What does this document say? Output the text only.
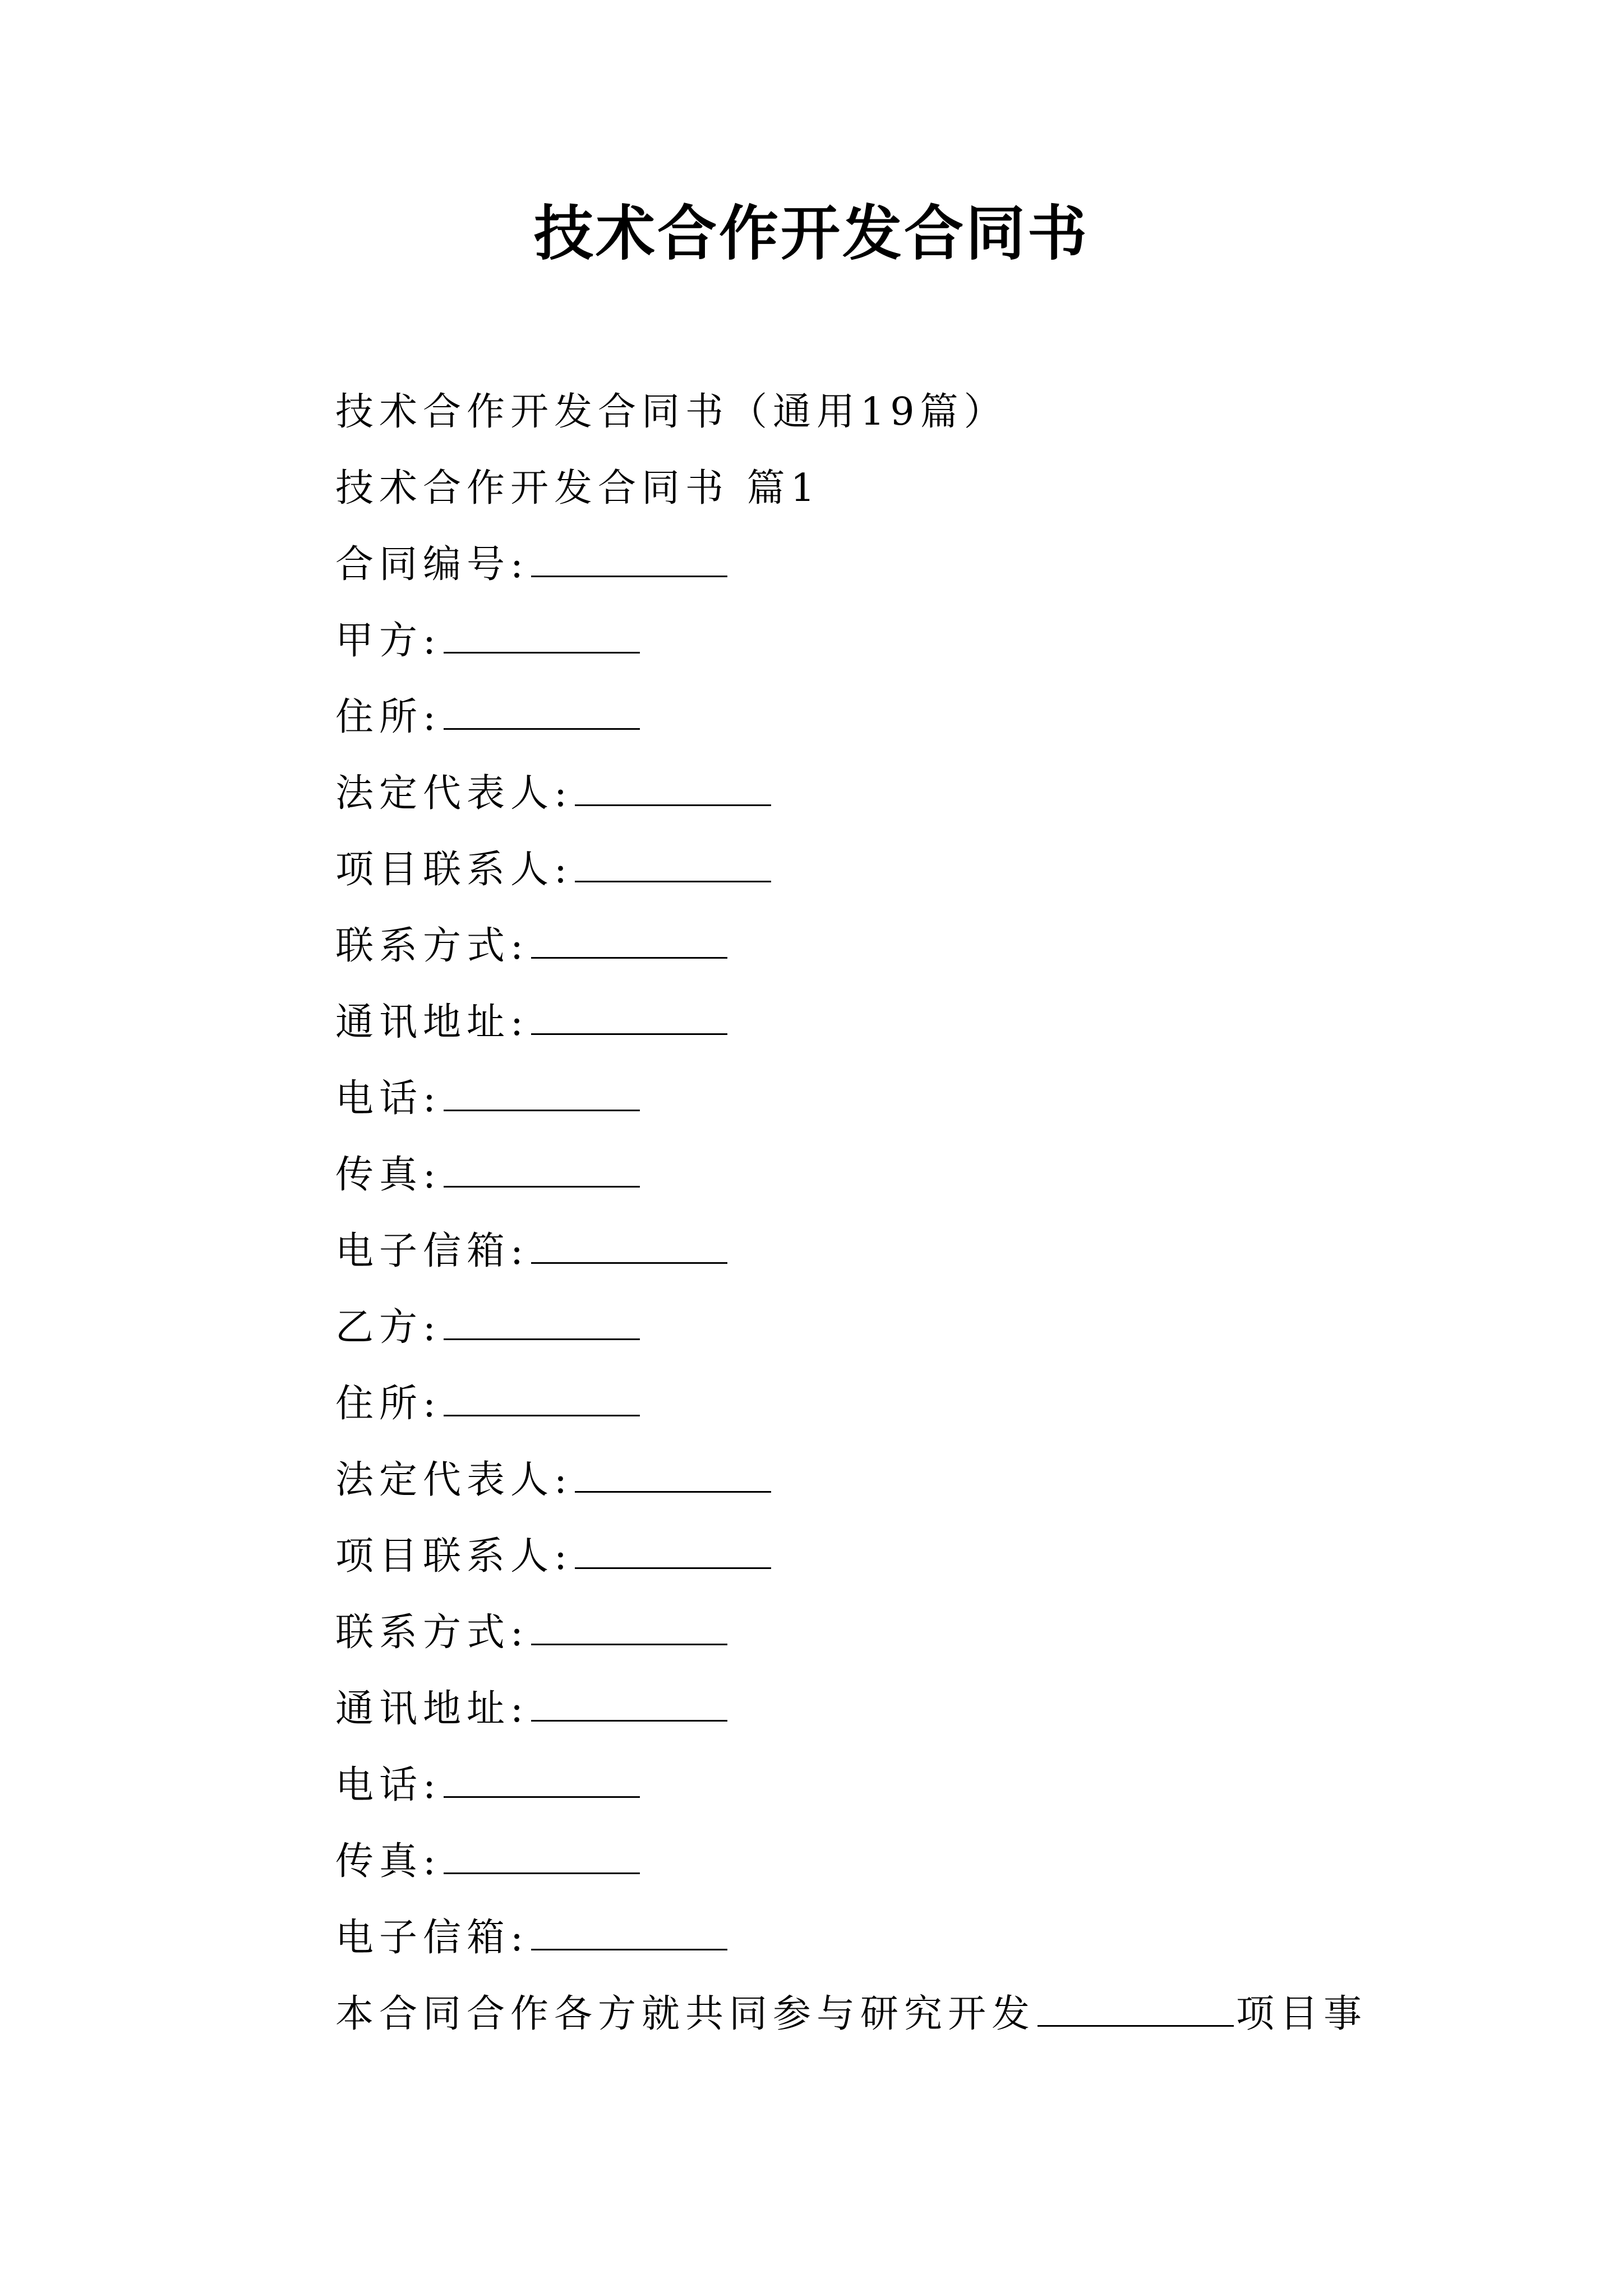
技术合作开发合同书
技术合作开发合同书（通用19篇）
技术合作开发合同书 篇1
合同编号:
甲方:
住所:
法定代表人:
项目联系人:
联系方式:
通讯地址:
电话:
传真:
电子信箱:
乙方:
住所:
法定代表人:
项目联系人:
联系方式:
通讯地址:
电话:
传真:
电子信箱:
本合同合作各方就共同参与研究开发	项目事
